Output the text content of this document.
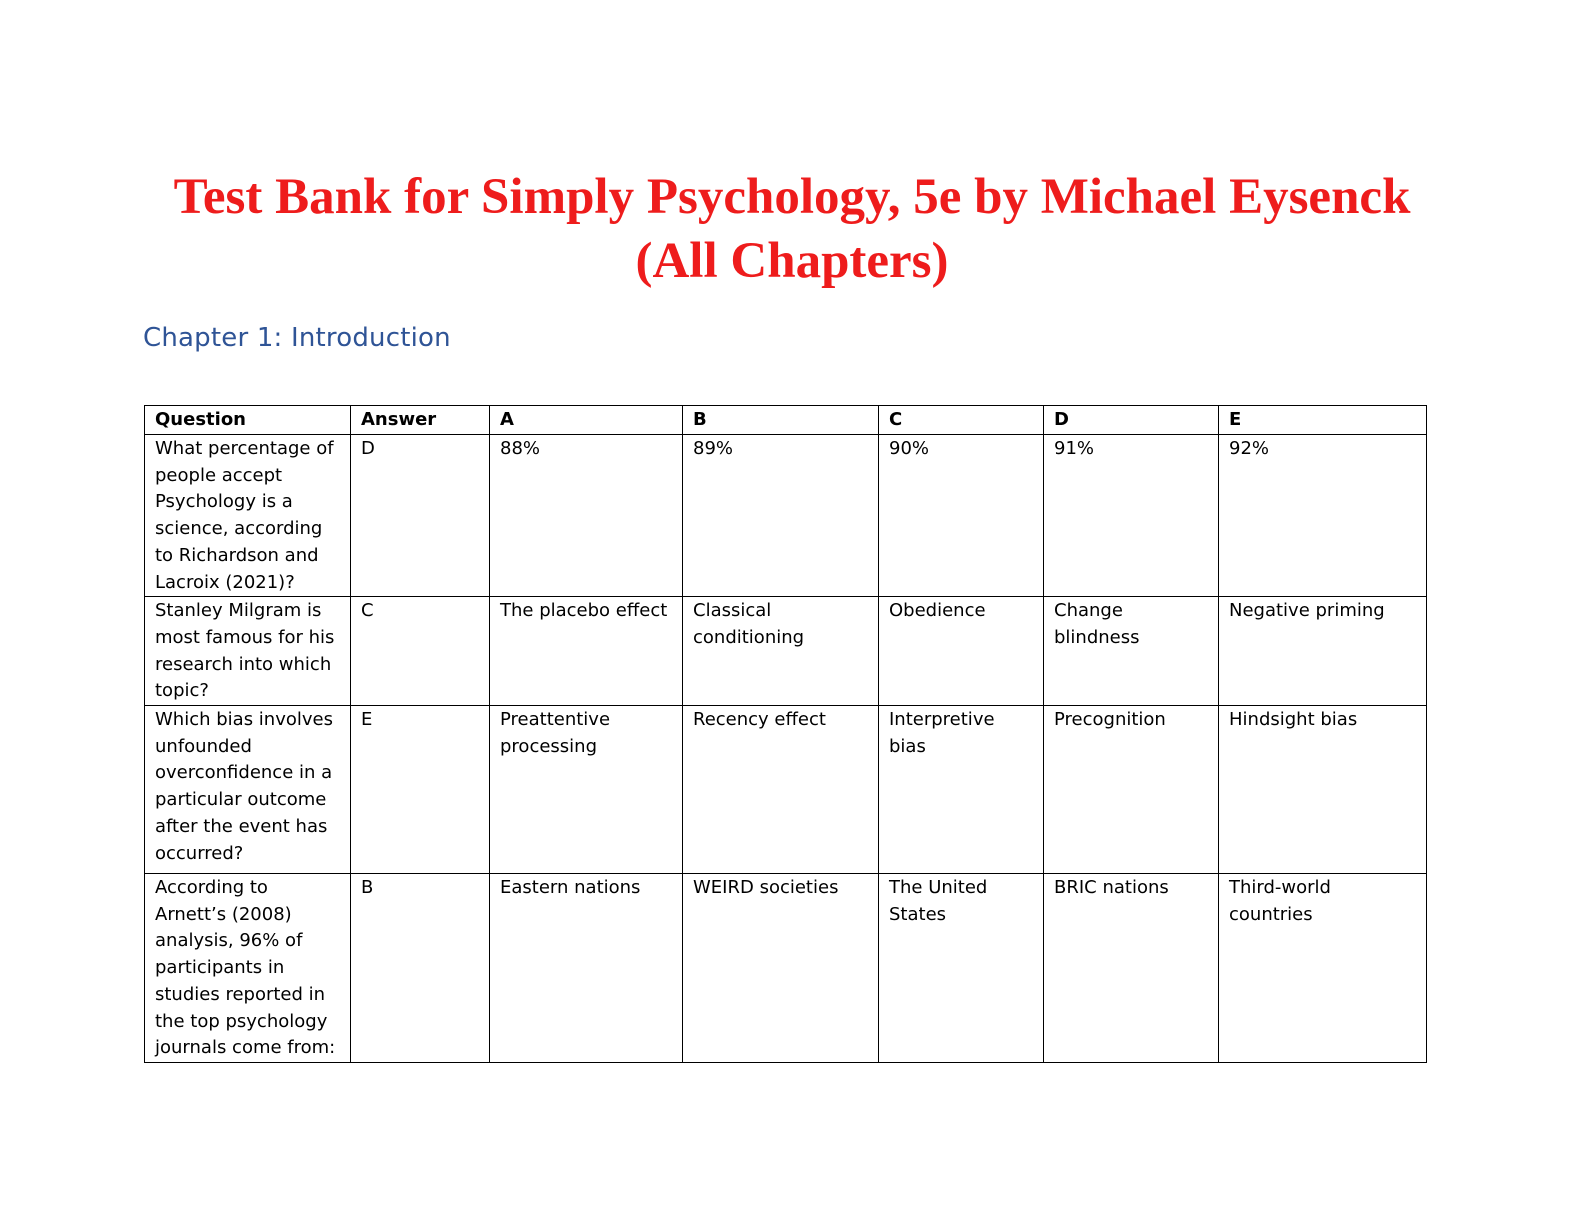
Test Bank for Simply Psychology, 5e by Michael Eysenck
(All Chapters)
Chapter 1: Introduction
Question	Answer	A	B	C	D	E
What percentage of people accept Psychology is a science, according to Richardson and Lacroix (2021)?	D	88%	89%	90%	91%	92%
Stanley Milgram is most famous for his research into which topic?	C	The placebo effect	Classical conditioning	Obedience	Change blindness	Negative priming
Which bias involves unfounded overconfidence in a particular outcome after the event has occurred?	E	Preattentive processing	Recency effect	Interpretive bias	Precognition	Hindsight bias
According to Arnett’s (2008) analysis, 96% of participants in studies reported in the top psychology journals come from:	B	Eastern nations	WEIRD societies	The United States	BRIC nations	Third-world countries
